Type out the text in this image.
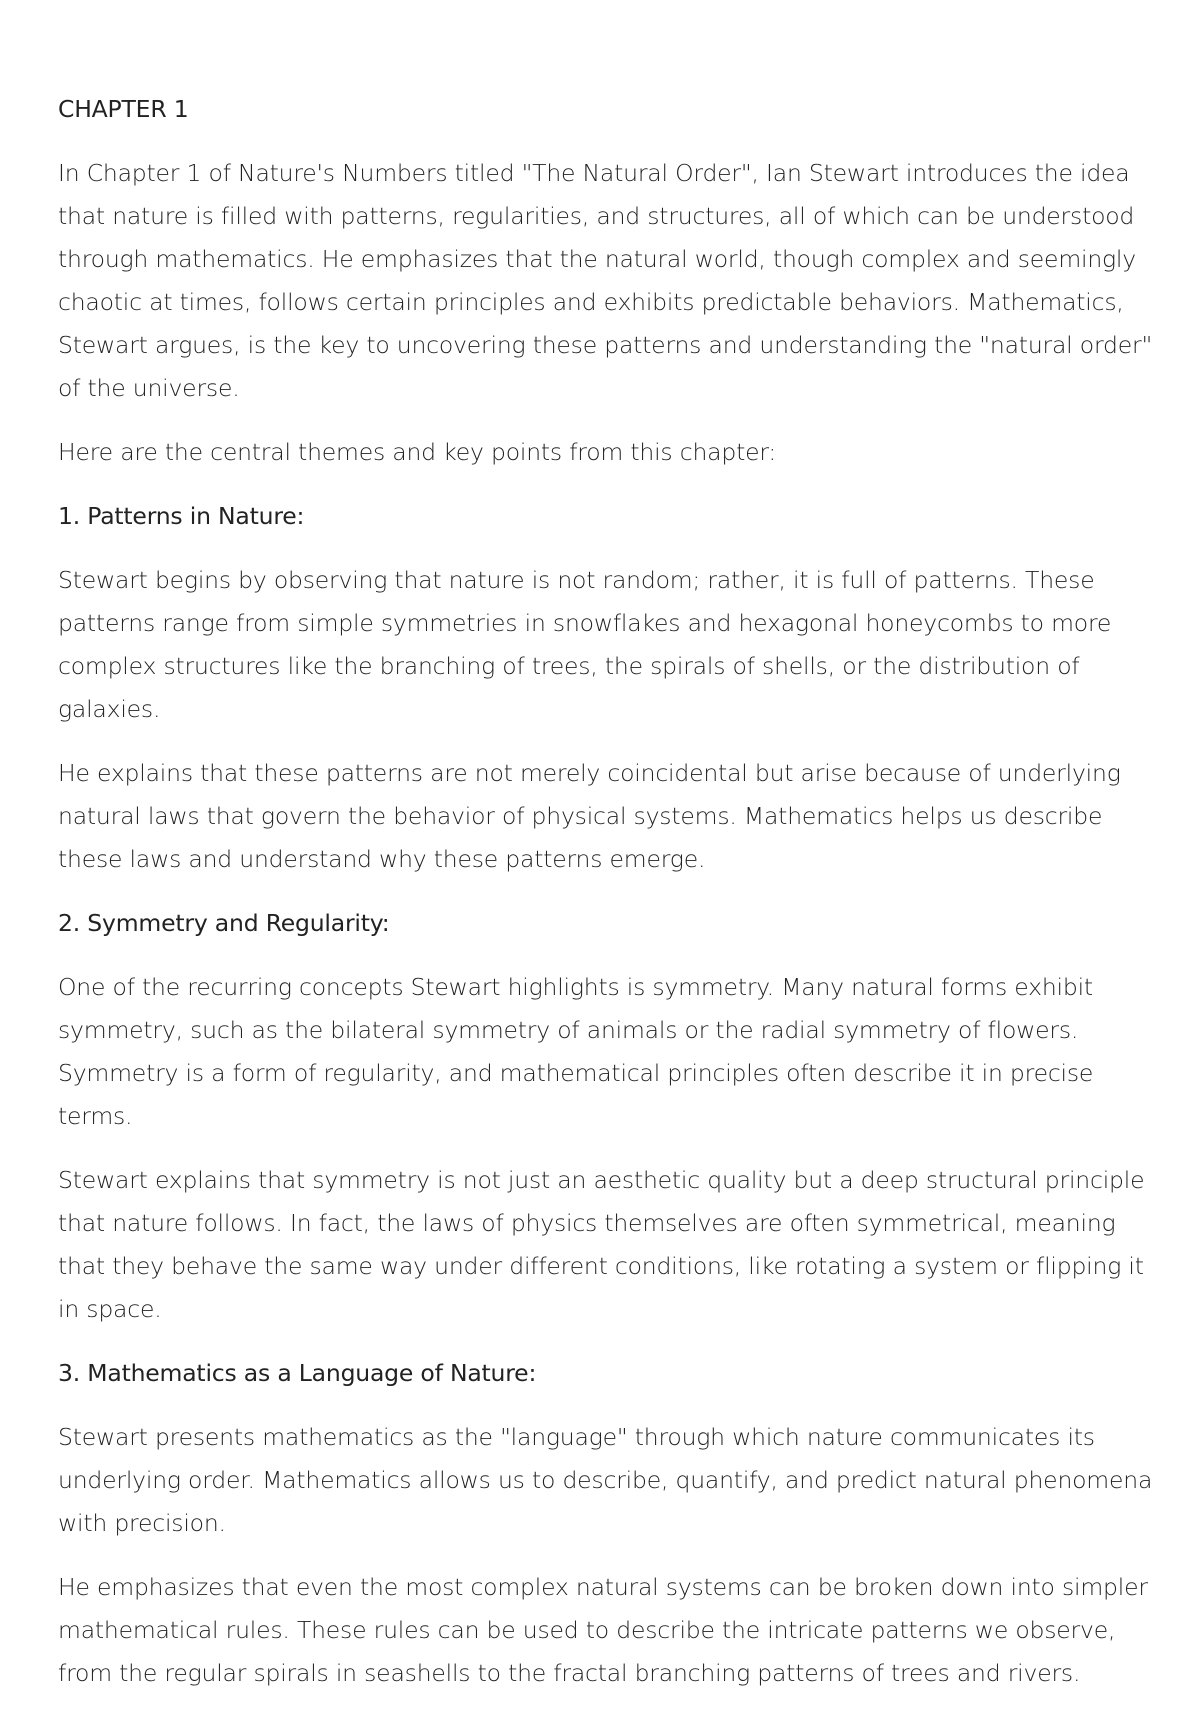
CHAPTER 1

In Chapter 1 of Nature's Numbers titled "The Natural Order", Ian Stewart introduces the idea that nature is filled with patterns, regularities, and structures, all of which can be understood through mathematics. He emphasizes that the natural world, though complex and seemingly chaotic at times, follows certain principles and exhibits predictable behaviors. Mathematics, Stewart argues, is the key to uncovering these patterns and understanding the "natural order" of the universe.

Here are the central themes and key points from this chapter:

1. Patterns in Nature:

Stewart begins by observing that nature is not random; rather, it is full of patterns. These patterns range from simple symmetries in snowflakes and hexagonal honeycombs to more complex structures like the branching of trees, the spirals of shells, or the distribution of galaxies.

He explains that these patterns are not merely coincidental but arise because of underlying natural laws that govern the behavior of physical systems. Mathematics helps us describe these laws and understand why these patterns emerge.

2. Symmetry and Regularity:

One of the recurring concepts Stewart highlights is symmetry. Many natural forms exhibit symmetry, such as the bilateral symmetry of animals or the radial symmetry of flowers. Symmetry is a form of regularity, and mathematical principles often describe it in precise terms.

Stewart explains that symmetry is not just an aesthetic quality but a deep structural principle that nature follows. In fact, the laws of physics themselves are often symmetrical, meaning that they behave the same way under different conditions, like rotating a system or flipping it in space.

3. Mathematics as a Language of Nature:

Stewart presents mathematics as the "language" through which nature communicates its underlying order. Mathematics allows us to describe, quantify, and predict natural phenomena with precision.

He emphasizes that even the most complex natural systems can be broken down into simpler mathematical rules. These rules can be used to describe the intricate patterns we observe, from the regular spirals in seashells to the fractal branching patterns of trees and rivers.
